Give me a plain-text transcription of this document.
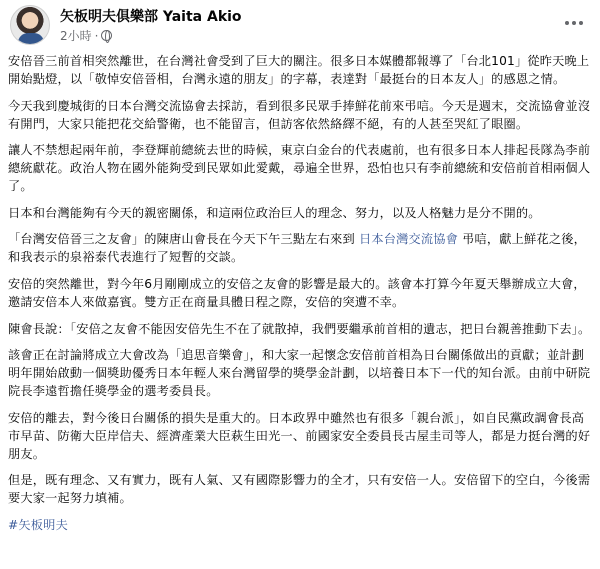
矢板明夫俱樂部 Yaita Akio
2小時 ·

安倍晉三前首相突然離世，在台灣社會受到了巨大的關注。很多日本媒體都報導了「台北101」從昨天晚上開始點燈，以「敬悼安倍晉相，台灣永遠的朋友」的字幕，表達對「最挺台的日本友人」的感恩之情。

今天我到慶城街的日本台灣交流協會去採訪，看到很多民眾手捧鮮花前來弔唁。今天是週末，交流協會並沒有開門，大家只能把花交給警衛，也不能留言，但訪客依然絡繹不絕，有的人甚至哭紅了眼圈。

讓人不禁想起兩年前，李登輝前總統去世的時候，東京白金台的代表處前，也有很多日本人排起長隊為李前總統獻花。政治人物在國外能夠受到民眾如此愛戴，尋遍全世界，恐怕也只有李前總統和安倍前首相兩個人了。

日本和台灣能夠有今天的親密關係，和這兩位政治巨人的理念、努力，以及人格魅力是分不開的。

「台灣安倍晉三之友會」的陳唐山會長在今天下午三點左右來到 日本台灣交流協會 弔唁，獻上鮮花之後，和我表示的泉裕泰代表進行了短暫的交談。

安倍的突然離世，對今年6月剛剛成立的安倍之友會的影響是最大的。該會本打算今年夏天舉辦成立大會，邀請安倍本人來做嘉賓。雙方正在商量具體日程之際，安倍的突遭不幸。

陳會長說：「安倍之友會不能因安倍先生不在了就散掉，我們要繼承前首相的遺志，把日台親善推動下去」。

該會正在討論將成立大會改為「追思音樂會」，和大家一起懷念安倍前首相為日台關係做出的貢獻；並計劃明年開始啟動一個獎助優秀日本年輕人來台灣留學的獎學金計劃，以培養日本下一代的知台派。由前中研院院長李遠哲擔任獎學金的選考委員長。

安倍的離去，對今後日台關係的損失是重大的。日本政界中雖然也有很多「親台派」，如自民黨政調會長高市早苗、防衛大臣岸信夫、經濟產業大臣萩生田光一、前國家安全委員長古屋圭司等人，都是力挺台灣的好朋友。

但是，既有理念、又有實力，既有人氣、又有國際影響力的全才，只有安倍一人。安倍留下的空白，今後需要大家一起努力填補。

#矢板明夫
